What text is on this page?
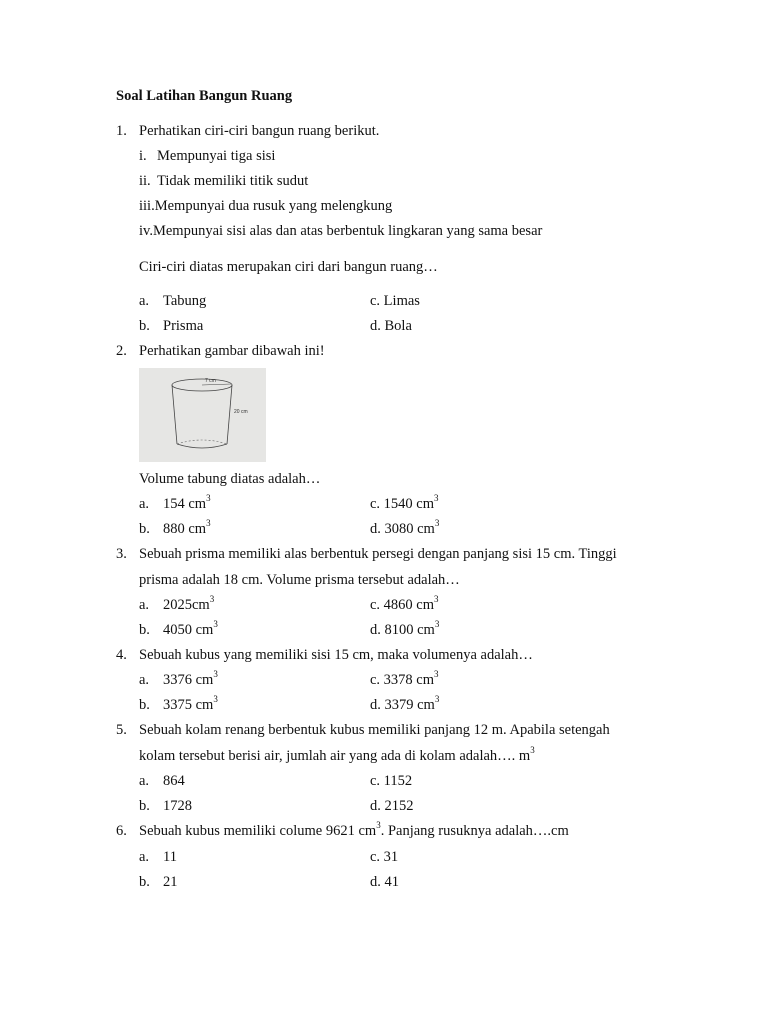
Soal Latihan Bangun Ruang
1. Perhatikan ciri-ciri bangun ruang berikut.
i. Mempunyai tiga sisi
ii. Tidak memiliki titik sudut
iii.Mempunyai dua rusuk yang melengkung
iv.Mempunyai sisi alas dan atas berbentuk lingkaran yang sama besar
Ciri-ciri diatas merupakan ciri dari bangun ruang…
a. Tabung	c. Limas
b. Prisma	d. Bola
2. Perhatikan gambar dibawah ini!
7 cm
20 cm
Volume tabung diatas adalah…
a. 154 $cm^3$	c. 1540 $cm^3$
b. 880 $cm^3$	d. 3080 $cm^3$
3. Sebuah prisma memiliki alas berbentuk persegi dengan panjang sisi 15 cm. Tinggi
prisma adalah 18 cm. Volume prisma tersebut adalah…
a. $2025cm^3$	c. 4860 $cm^3$
b. 4050 $cm^3$	d. 8100 $cm^3$
4. Sebuah kubus yang memiliki sisi 15 cm, maka volumenya adalah…
a. 3376 $cm^3$	c. 3378 $cm^3$
b. 3375 $cm^3$	d. 3379 $cm^3$
5. Sebuah kolam renang berbentuk kubus memiliki panjang 12 m. Apabila setengah
kolam tersebut berisi air, jumlah air yang ada di kolam adalah…. $m^3$
a. 864	c. 1152
b. 1728	d. 2152
6. Sebuah kubus memiliki colume 9621 $cm^3$. Panjang rusuknya adalah….cm
a. 11	c. 31
b. 21	d. 41
